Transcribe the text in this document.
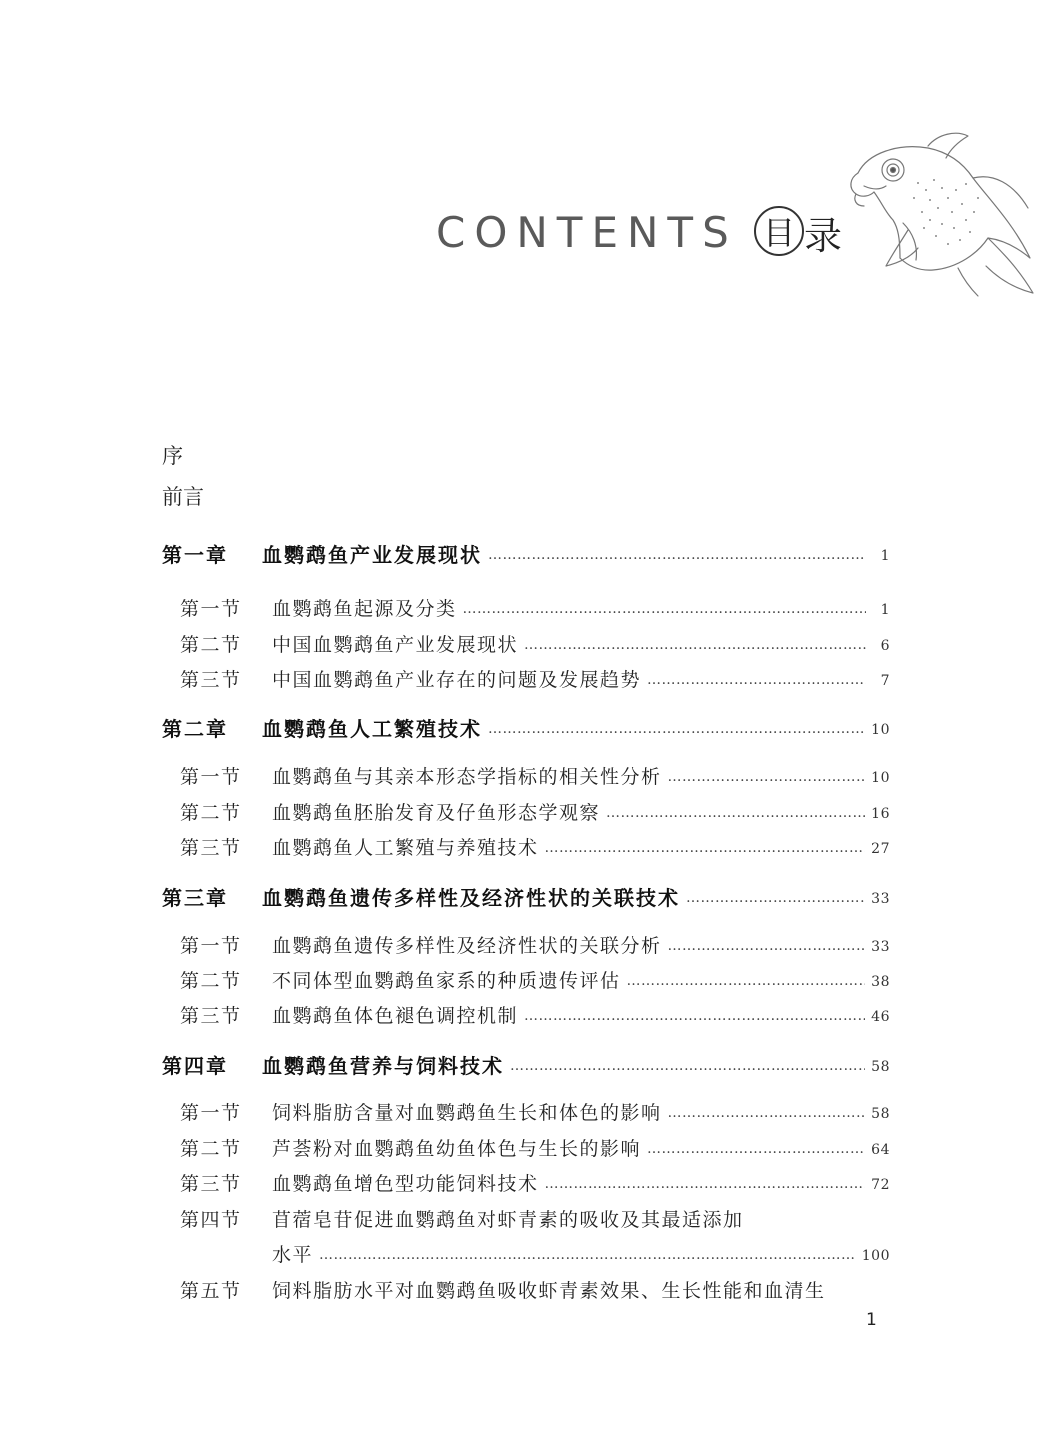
CONTENTS 目 录
序
前言
第一章	血鹦鹉鱼产业发展现状 ………………………………………………………………………………………………………………………………………………………………………………………	1
第一节	血鹦鹉鱼起源及分类 ………………………………………………………………………………………………………………………………………………………………………………………	1
第二节	中国血鹦鹉鱼产业发展现状 ………………………………………………………………………………………………………………………………………………………………………………………	6
第三节	中国血鹦鹉鱼产业存在的问题及发展趋势 ………………………………………………………………………………………………………………………………………………………………………………………	7
第二章	血鹦鹉鱼人工繁殖技术 ………………………………………………………………………………………………………………………………………………………………………………………	10
第一节	血鹦鹉鱼与其亲本形态学指标的相关性分析 ………………………………………………………………………………………………………………………………………………………………………………………	10
第二节	血鹦鹉鱼胚胎发育及仔鱼形态学观察 ………………………………………………………………………………………………………………………………………………………………………………………	16
第三节	血鹦鹉鱼人工繁殖与养殖技术 ………………………………………………………………………………………………………………………………………………………………………………………	27
第三章	血鹦鹉鱼遗传多样性及经济性状的关联技术 ………………………………………………………………………………………………………………………………………………………………………………………	33
第一节	血鹦鹉鱼遗传多样性及经济性状的关联分析 ………………………………………………………………………………………………………………………………………………………………………………………	33
第二节	不同体型血鹦鹉鱼家系的种质遗传评估 ………………………………………………………………………………………………………………………………………………………………………………………	38
第三节	血鹦鹉鱼体色褪色调控机制 ………………………………………………………………………………………………………………………………………………………………………………………	46
第四章	血鹦鹉鱼营养与饲料技术 ………………………………………………………………………………………………………………………………………………………………………………………	58
第一节	饲料脂肪含量对血鹦鹉鱼生长和体色的影响 ………………………………………………………………………………………………………………………………………………………………………………………	58
第二节	芦荟粉对血鹦鹉鱼幼鱼体色与生长的影响 ………………………………………………………………………………………………………………………………………………………………………………………	64
第三节	血鹦鹉鱼增色型功能饲料技术 ………………………………………………………………………………………………………………………………………………………………………………………	72
第四节	苜蓿皂苷促进血鹦鹉鱼对虾青素的吸收及其最适添加
水平 ………………………………………………………………………………………………………………………………………………………………………………………	100
第五节	饲料脂肪水平对血鹦鹉鱼吸收虾青素效果、生长性能和血清生
1
